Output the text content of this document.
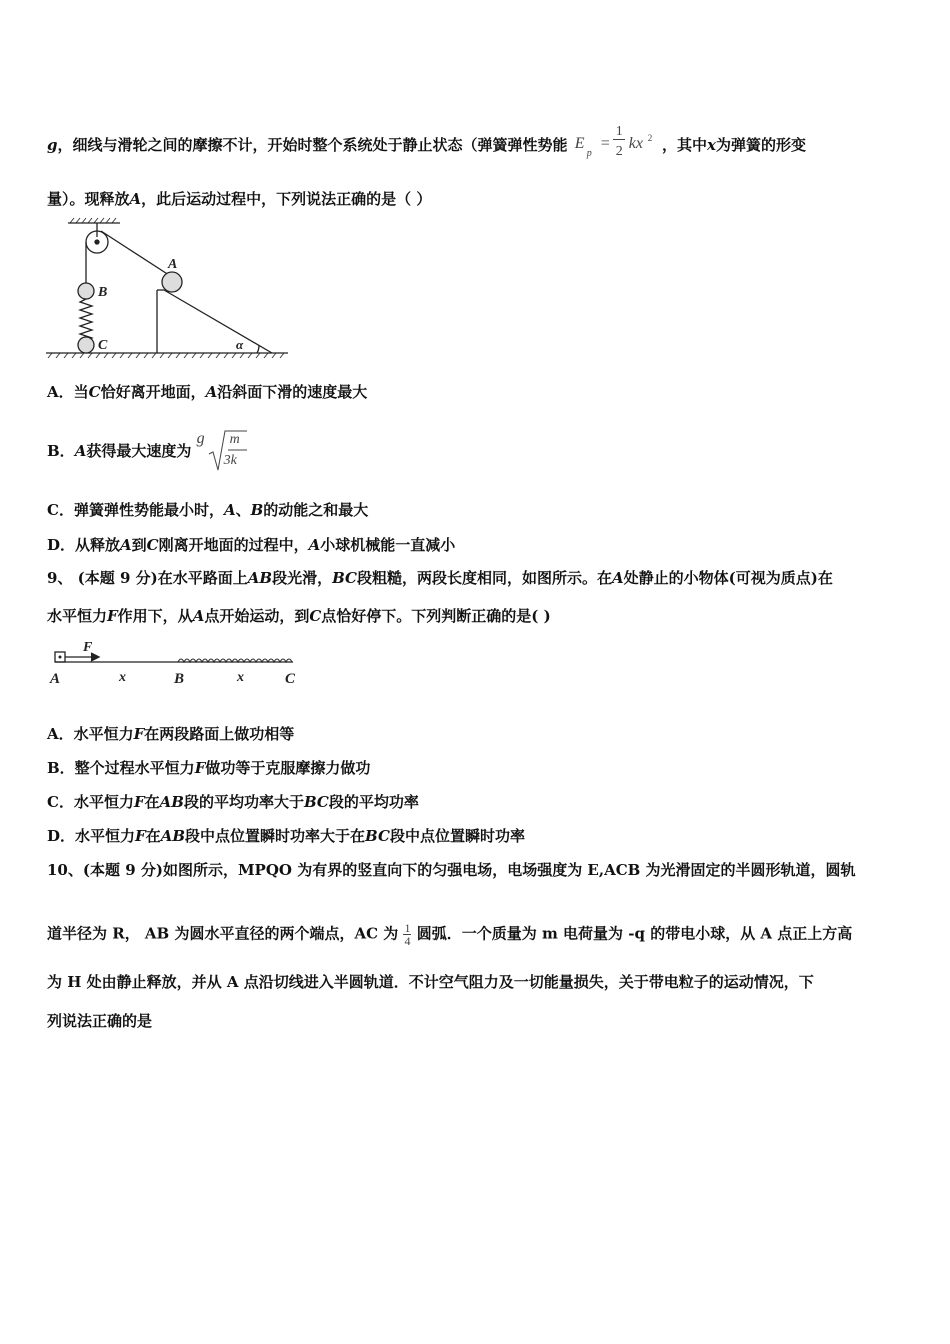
g，细线与滑轮之间的摩擦不计，开始时整个系统处于静止状态（弹簧弹性势能 E
p
=
1
2 kx 2 ，其中x为弹簧的形变
量）。现释放A，此后运动过程中，下列说法正确的是（ ）
A
B
C	α
A．当C恰好离开地面，A沿斜面下滑的速度最大
B．A获得最大速度为
g m
3k
C．弹簧弹性势能最小时，A、B的动能之和最大
D．从释放A到C刚离开地面的过程中，A小球机械能一直减小
9、 (本题 9 分)在水平路面上AB段光滑，BC段粗糙，两段长度相同，如图所示。在A处静止的小物体(可视为质点)在
水平恒力F作用下，从A点开始运动，到C点恰好停下。下列判断正确的是( )
F
A	x	B	x	C
A．水平恒力F在两段路面上做功相等
B．整个过程水平恒力F做功等于克服摩擦力做功
C．水平恒力F在AB段的平均功率大于BC段的平均功率
D．水平恒力F在AB段中点位置瞬时功率大于在BC段中点位置瞬时功率
10、(本题 9 分)如图所示，MPQO 为有界的竖直向下的匀强电场，电场强度为 E,ACB 为光滑固定的半圆形轨道，圆轨
道半径为 R， AB 为圆水平直径的两个端点，AC 为 $\frac{1}{4}$ 圆弧．一个质量为 m 电荷量为 -q 的带电小球，从 A 点正上方高
为 H 处由静止释放，并从 A 点沿切线进入半圆轨道．不计空气阻力及一切能量损失，关于带电粒子的运动情况，下
列说法正确的是
